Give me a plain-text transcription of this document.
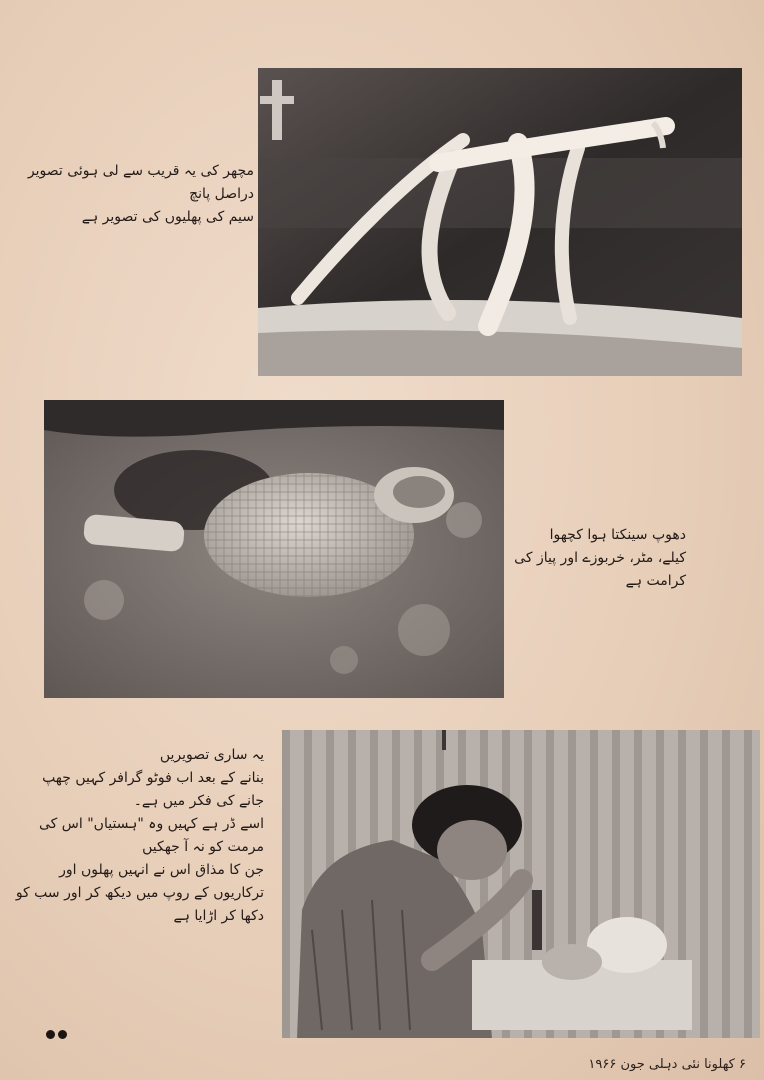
مچھر کی یہ قریب سے لی ہوئی تصویر
دراصل پانچ
سیم کی پھلیوں کی تصویر ہے
دھوپ سینکتا ہوا کچھوا
کیلے، مٹر، خربوزے اور پیاز کی
کرامت ہے
یہ ساری تصویریں
بنانے کے بعد اب فوٹو گرافر کہیں چھپ
جانے کی فکر میں ہے۔
اسے ڈر ہے کہیں وہ "ہستیاں" اس کی
مرمت کو نہ آ جھکیں
جن کا مذاق اس نے انہیں پھلوں اور
ترکاریوں کے روپ میں دیکھ کر اور سب کو
دکھا کر اڑایا ہے
۶ کھلونا نئی دہلی جون ۱۹۶۶
